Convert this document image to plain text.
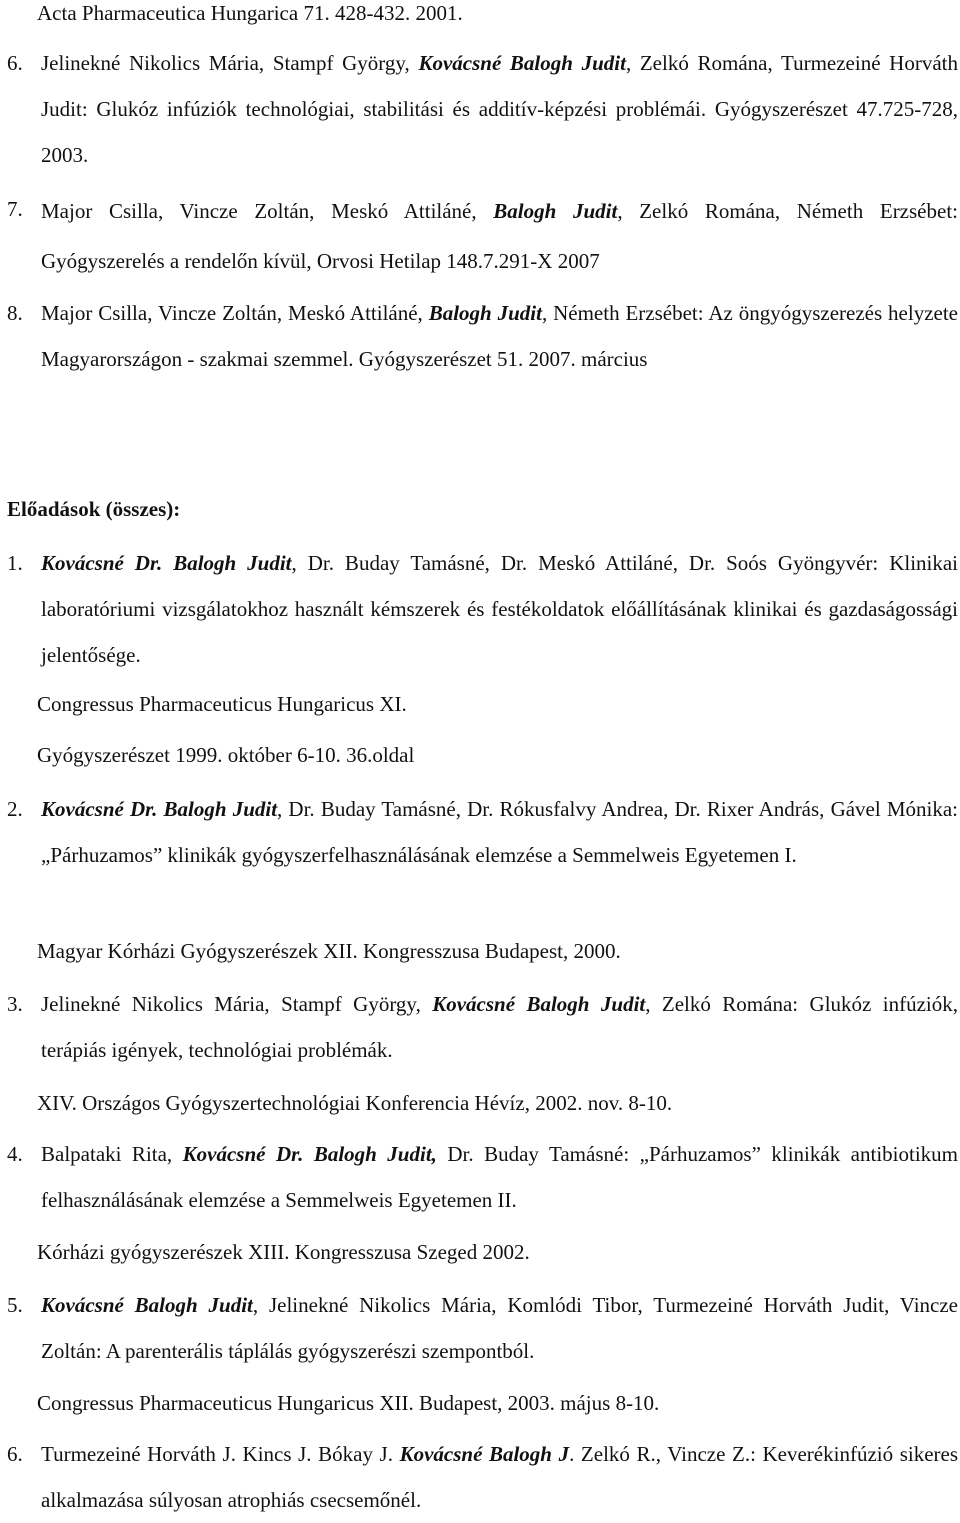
Acta Pharmaceutica Hungarica 71. 428-432. 2001.
6. Jelinekné Nikolics Mária, Stampf György, Kovácsné Balogh Judit, Zelkó Romána, Turmezeiné Horváth Judit: Glukóz infúziók technológiai, stabilitási és additív-képzési problémái. Gyógyszerészet 47.725-728, 2003.
7. Major Csilla, Vincze Zoltán, Meskó Attiláné, Balogh Judit, Zelkó Romána, Németh Erzsébet: Gyógyszerelés a rendelőn kívül, Orvosi Hetilap 148.7.291-X 2007
8. Major Csilla, Vincze Zoltán, Meskó Attiláné, Balogh Judit, Németh Erzsébet: Az öngyógyszerezés helyzete Magyarországon - szakmai szemmel. Gyógyszerészet 51. 2007. március
Előadások (összes):
1. Kovácsné Dr. Balogh Judit, Dr. Buday Tamásné, Dr. Meskó Attiláné, Dr. Soós Gyöngyvér: Klinikai laboratóriumi vizsgálatokhoz használt kémszerek és festékoldatok előállításának klinikai és gazdaságossági jelentősége.
Congressus Pharmaceuticus Hungaricus XI.
Gyógyszerészet 1999. október 6-10. 36.oldal
2. Kovácsné Dr. Balogh Judit, Dr. Buday Tamásné, Dr. Rókusfalvy Andrea, Dr. Rixer András, Gável Mónika: „Párhuzamos” klinikák gyógyszerfelhasználásának elemzése a Semmelweis Egyetemen I.
Magyar Kórházi Gyógyszerészek XII. Kongresszusa Budapest, 2000.
3. Jelinekné Nikolics Mária, Stampf György, Kovácsné Balogh Judit, Zelkó Romána: Glukóz infúziók, terápiás igények, technológiai problémák.
XIV. Országos Gyógyszertechnológiai Konferencia Hévíz, 2002. nov. 8-10.
4. Balpataki Rita, Kovácsné Dr. Balogh Judit, Dr. Buday Tamásné: „Párhuzamos” klinikák antibiotikum felhasználásának elemzése a Semmelweis Egyetemen II.
Kórházi gyógyszerészek XIII. Kongresszusa Szeged 2002.
5. Kovácsné Balogh Judit, Jelinekné Nikolics Mária, Komlódi Tibor, Turmezeiné Horváth Judit, Vincze Zoltán: A parenterális táplálás gyógyszerészi szempontból.
Congressus Pharmaceuticus Hungaricus XII. Budapest, 2003. május 8-10.
6. Turmezeiné Horváth J. Kincs J. Bókay J. Kovácsné Balogh J. Zelkó R., Vincze Z.: Keverékinfúzió sikeres alkalmazása súlyosan atrophiás csecsemőnél.
